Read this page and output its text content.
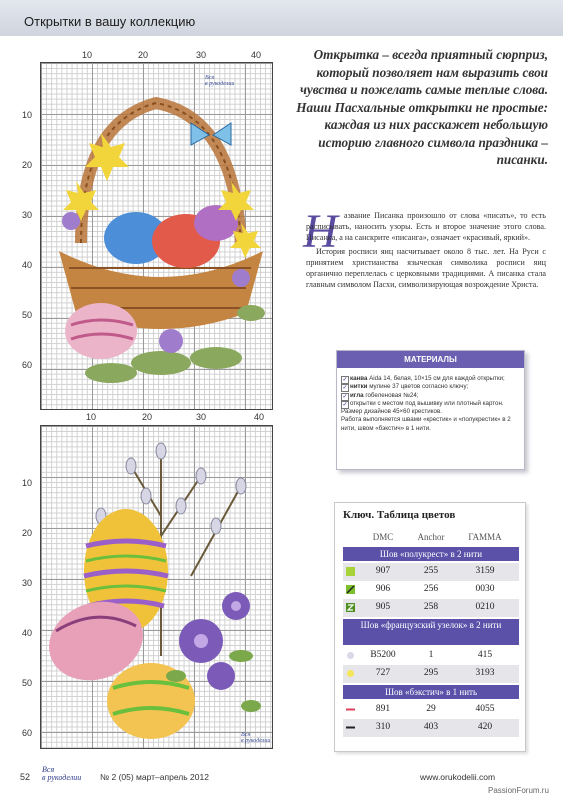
Открытки в вашу коллекцию
10	20	30	40
10
20
30
40
50
60
Вся
в рукоделии
10	20	30	40
10
20
30
40
50
60	Вся
в рукоделии

Открытка – всегда приятный сюрприз, который позволяет нам выразить свои чувства и пожелать самые теплые слова. Наши Пасхальные открытки не простые: каждая из них расскажет небольшую историю главного символа праздника – писанки.

Н азвание Писанка произошло от слова «писать», то есть расписывать, наносить узоры. Есть и второе значение этого слова. Писанка, а на санскрите «писанга», означает «красивый, яркий».

История росписи яиц насчитывает около 8 тыс. лет. На Руси с принятием христианства языческая символика росписи яиц органично переплелась с церковными традициями. А писанка стала главным символом Пасхи, символизирующая возрождение Христа.

МАТЕРИАЛЫ
✓ канва Aida 14, белая, 10×15 см для каждой открытки;
✓ нитки мулине 37 цветов согласно ключу;
✓ игла гобеленовая №24;
✓ открытки с местом под вышивку или плотный картон.
Размер дизайнов 45×60 крестиков.
Работа выполняется швами «крестик» и «полукрестик» в 2 нити, швом «бэкстич» в 1 нити.
Ключ. Таблица цветов
DMC	Anchor	ГАММА
Шов «полукрест» в 2 нити
907	255	3159
906	256	0030
905	258	0210
Шов «французский узелок» в 2 нити
B5200	1	415
727	295	3193
Шов «бэкстич» в 1 нить
891	29	4055
310	403	420
52
Вся
в рукоделии № 2 (05) март–апрель 2012	www.orukodelii.com
PassionForum.ru
